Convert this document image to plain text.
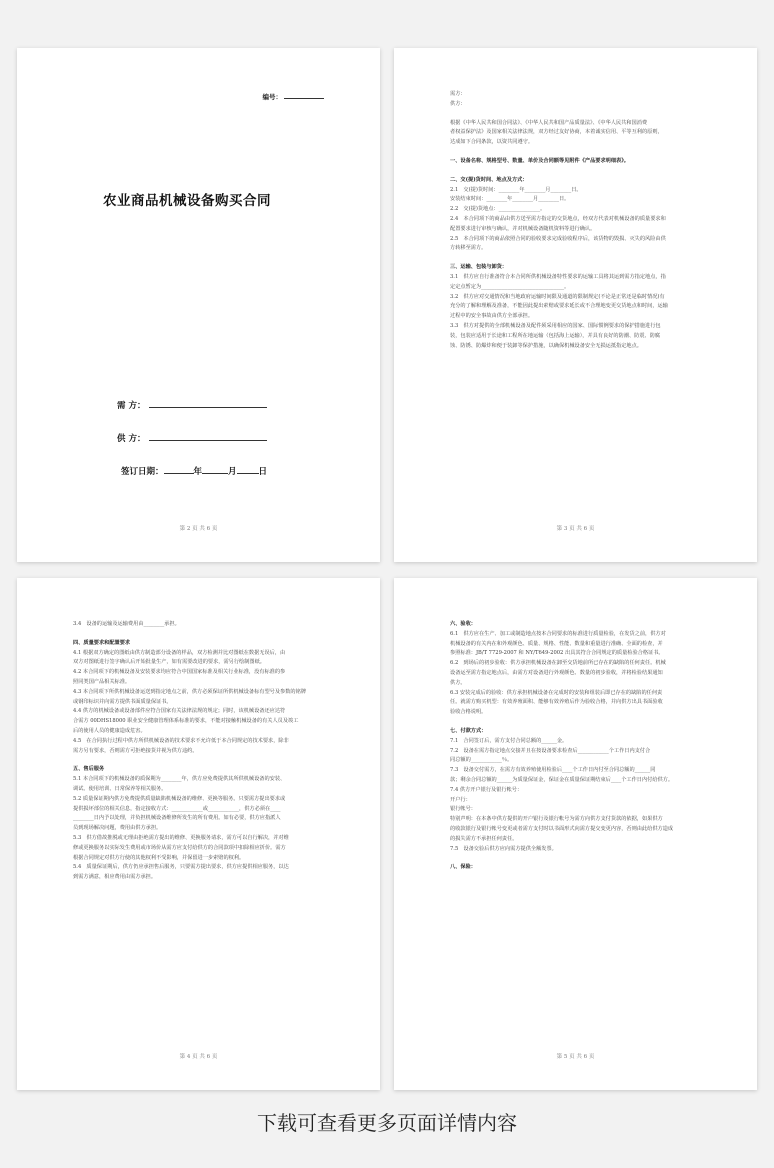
编号：
农业商品机械设备购买合同
需 方：
供 方：
签订日期：	年	月	日
第 2 页 共 6 页

需方：

供方：

根据《中华人民共和国合同法》、《中华人民共和国产品质量法》、《中华人民共和国消费

者权益保护法》及国家相关法律法规，双方经过友好协商，本着诚实信用、平等互利的原则，

达成如下合同条款，以资共同遵守。

一、设备名称、规格型号、数量、单价及合同额等见附件《产品要求明细表》。

二、交(提)货时间、地点及方式：

2.1　交(提)货时间：________年________月________日。

安装结束时间：________年________月________日。

2.2　交(提)货地点：________________。

2.4　本合同项下的商品由供方送至需方指定的交货地点，经双方代表对机械设备的质量要求和

配置要求进行审核与确认，并对机械设备随机资料等进行确认。

2.5　本合同项下的商品依照合同的验收要求完成验收程序后，该货物的毁损、灭失的风险由供

方转移至需方。

三、运输、包装与卸货：

3.1　供方应自行准备符合本合同所供机械设备特性要求的运输工具将其运到需方指定地点，指

定定点暂定为________________________________。

3.2　供方应对交通情况和当地政府运输时间限及通道的限制规定(不论是正常还是临时情况)有

充分的了解和理解及准备，不能因此提出索赔或要求延长或不合理地变更交货地点和时间，运输

过程中的安全事故由供方全部承担。

3.3　供方对提供的全部机械设备及配件须采用相应的国家、国际惯例要求的保护措施进行包

装，包装应适用于长途和工程所在地运输（包括海上运输），并具有良好的防潮、防震、防腐

蚀、防锈、防爆炸和便于装卸等保护措施，以确保机械设备安全无损运抵指定地点。

第 3 页 共 6 页

3.4　设备的运输及运输费用由________承担。

四、质量要求和配置要求

4.1 根据双方确定的图纸由供方制造部分设备的样品，双方检测并比对图纸在数据无误后，由

双方对图纸进行签字确认后开始批量生产，如有需要改进的要求，需另行绘制图纸。

4.2 本合同项下的机械设备及安装要求均应符合中国国家标准及相关行业标准，没有标准的参

照同类国产品相关标准。

4.3 本合同项下所供机械设备运送到指定地点之前，供方必须保证所供机械设备标有型号及参数的铭牌

或钢印标识并向需方提供书面质量保证书。

4.4 供方的机械设备或设备部件应符合国家有关法律法规的规定；同时，该机械设备还应达符

合需方 00DHS18000 职业安全健康管理体系标准的要求，不能对接触机械设备的有关人员及竣工

后的使用人员的健康造成危害。

4.5　在合同执行过程中供方所供机械设备的技术要求不允许低于本合同规定的技术要求，除非

需方另有要求，否则需方可拒绝接货并视为供方违约。

五、售后服务

5.1 本合同项下的机械设备的质保期为________年，供方应免费提供其所供机械设备的安装、

调试、使用培训、日常保养等相关服务。

5.2 质量保证期内供方免费提供质量缺陷机械设备的维修、更换等服务。只要需方提出要求或

提供损坏部位的相关信息，指定接收方式：____________或____________，供方必须在____

________日内予以处理，并负担机械设备维修所发生的所有费用。如有必要，供方应指派人

员到现场解决问题，费用由供方承担。

5.3　供方借故推脱或无理由拒绝需方提出的维修、更换服务请求，需方可以自行解决，并对维

修或更换服务以实际发生费用或市场价从需方应支付给供方的合同款项中扣除相应折价。需方

根据合同规定对供方行使的其他权利不受影响，并保留进一步索赔的权利。

5.4　质量保证期后，供方仍应承担售后服务，只要需方提出要求，供方应提供相应服务，以达

到需方满意，相应费用由需方承担。

第 4 页 共 6 页

六、验收：

6.1　供方应在生产、加工或制造地点按本合同要求的标准进行质量检验，在发货之前，供方对

机械设备的有关内在和外观颜色、质量、规格、性能、数量和重量进行准确、全面的检查，并

参照标准：JB/T 7729-2007 和 NY/T649-2002 出具其符合合同规定的质量检验合格证书。

6.2　到场后的初步验收：供方承担机械设备在卸至交货地前所已存在的缺陷的任何责任。机械

设备运至需方指定地点后，由需方对设备进行外观颜色、数量的初步验收，并将检验结果通知

供方。

6.3 安装完成后的验收：供方承担机械设备在完成时的安装和组装后即已存在的缺陷的任何责

任。就需方购买机型：有效养殖面积、能够有效养殖后作为验收合格，并向供方出具书面验收

验收合格说明。

七、付款方式：

7.1　合同签订后，需方支付合同总额的______金。

7.2　设备在需方指定地点交接并且在按设备要求检查后____________个工作日内支付合

同总额的____________％。

7.3　设备交付需方，在需方有效养殖使用检验后____个工作日内付至合同总额的______同

款；剩余合同总额的______为质量保证金，保证金在质量保证期结束后____个工作日内付给供方。

7.4 供方开户银行及银行帐号：

开户行：

银行帐号：

特别声明：在本条中供方提供的开户银行及银行帐号为需方向供方支付货款的依据，如果供方

的收款银行及银行帐号变更或者需方支付时以书面形式向需方提交变更内容，否则由此给供方造成

的损失需方不承担任何责任。

7.5　设备交验后供方应向需方提供全额发票。

八、保险：

第 5 页 共 6 页
下载可查看更多页面详情内容
